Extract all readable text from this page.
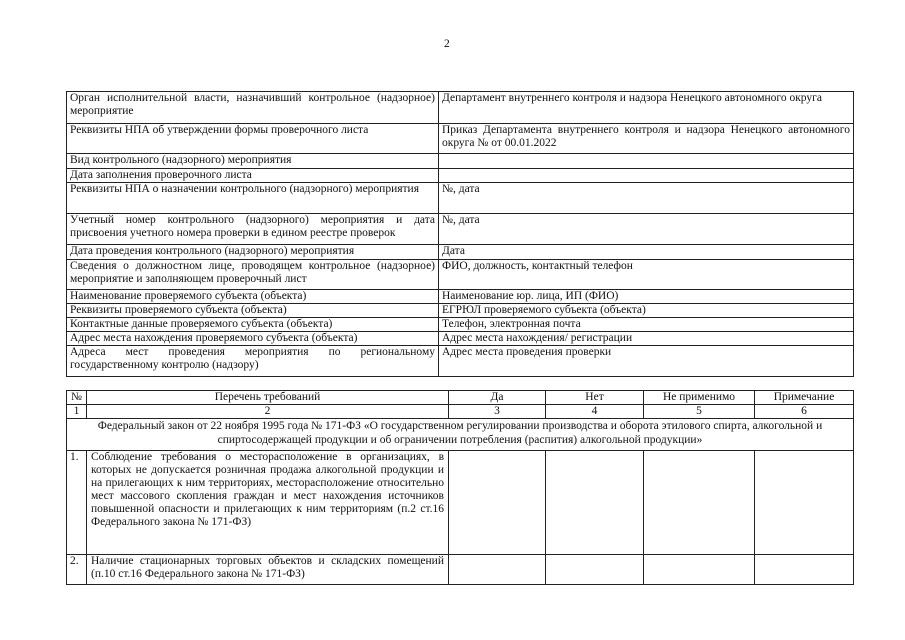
2
Орган исполнительной власти, назначивший контрольное (надзорное) мероприятие	Департамент внутреннего контроля и надзора Ненецкого автономного округа
Реквизиты НПА об утверждении формы проверочного листа	Приказ Департамента внутреннего контроля и надзора Ненецкого автономного округа № от 00.01.2022
Вид контрольного (надзорного) мероприятия	
Дата заполнения проверочного листа	
Реквизиты НПА о назначении контрольного (надзорного) мероприятия	№, дата
Учетный номер контрольного (надзорного) мероприятия и дата присвоения учетного номера проверки в едином реестре проверок	№, дата
Дата проведения контрольного (надзорного) мероприятия	Дата
Сведения о должностном лице, проводящем контрольное (надзорное) мероприятие и заполняющем проверочный лист	ФИО, должность, контактный телефон
Наименование проверяемого субъекта (объекта)	Наименование юр. лица, ИП (ФИО)
Реквизиты проверяемого субъекта (объекта)	ЕГРЮЛ проверяемого субъекта (объекта)
Контактные данные проверяемого субъекта (объекта)	Телефон, электронная почта
Адрес места нахождения проверяемого субъекта (объекта)	Адрес места нахождения/ регистрации
Адреса мест проведения мероприятия по региональному государственному контролю (надзору)	Адрес места проведения проверки
№	Перечень требований	Да	Нет	Не применимо	Примечание
1	2	3	4	5	6
Федеральный закон от 22 ноября 1995 года № 171-ФЗ «О государственном регулировании производства и оборота этилового спирта, алкогольной и спиртосодержащей продукции и об ограничении потребления (распития) алкогольной продукции»					
1.	Соблюдение требования о месторасположение в организациях, в которых не допускается розничная продажа алкогольной продукции и на прилегающих к ним территориях, месторасположение относительно мест массового скопления граждан и мест нахождения источников повышенной опасности и прилегающих к ним территориям (п.2 ст.16 Федерального закона № 171-ФЗ)				
2.	Наличие стационарных торговых объектов и складских помещений (п.10 ст.16 Федерального закона № 171-ФЗ)				
